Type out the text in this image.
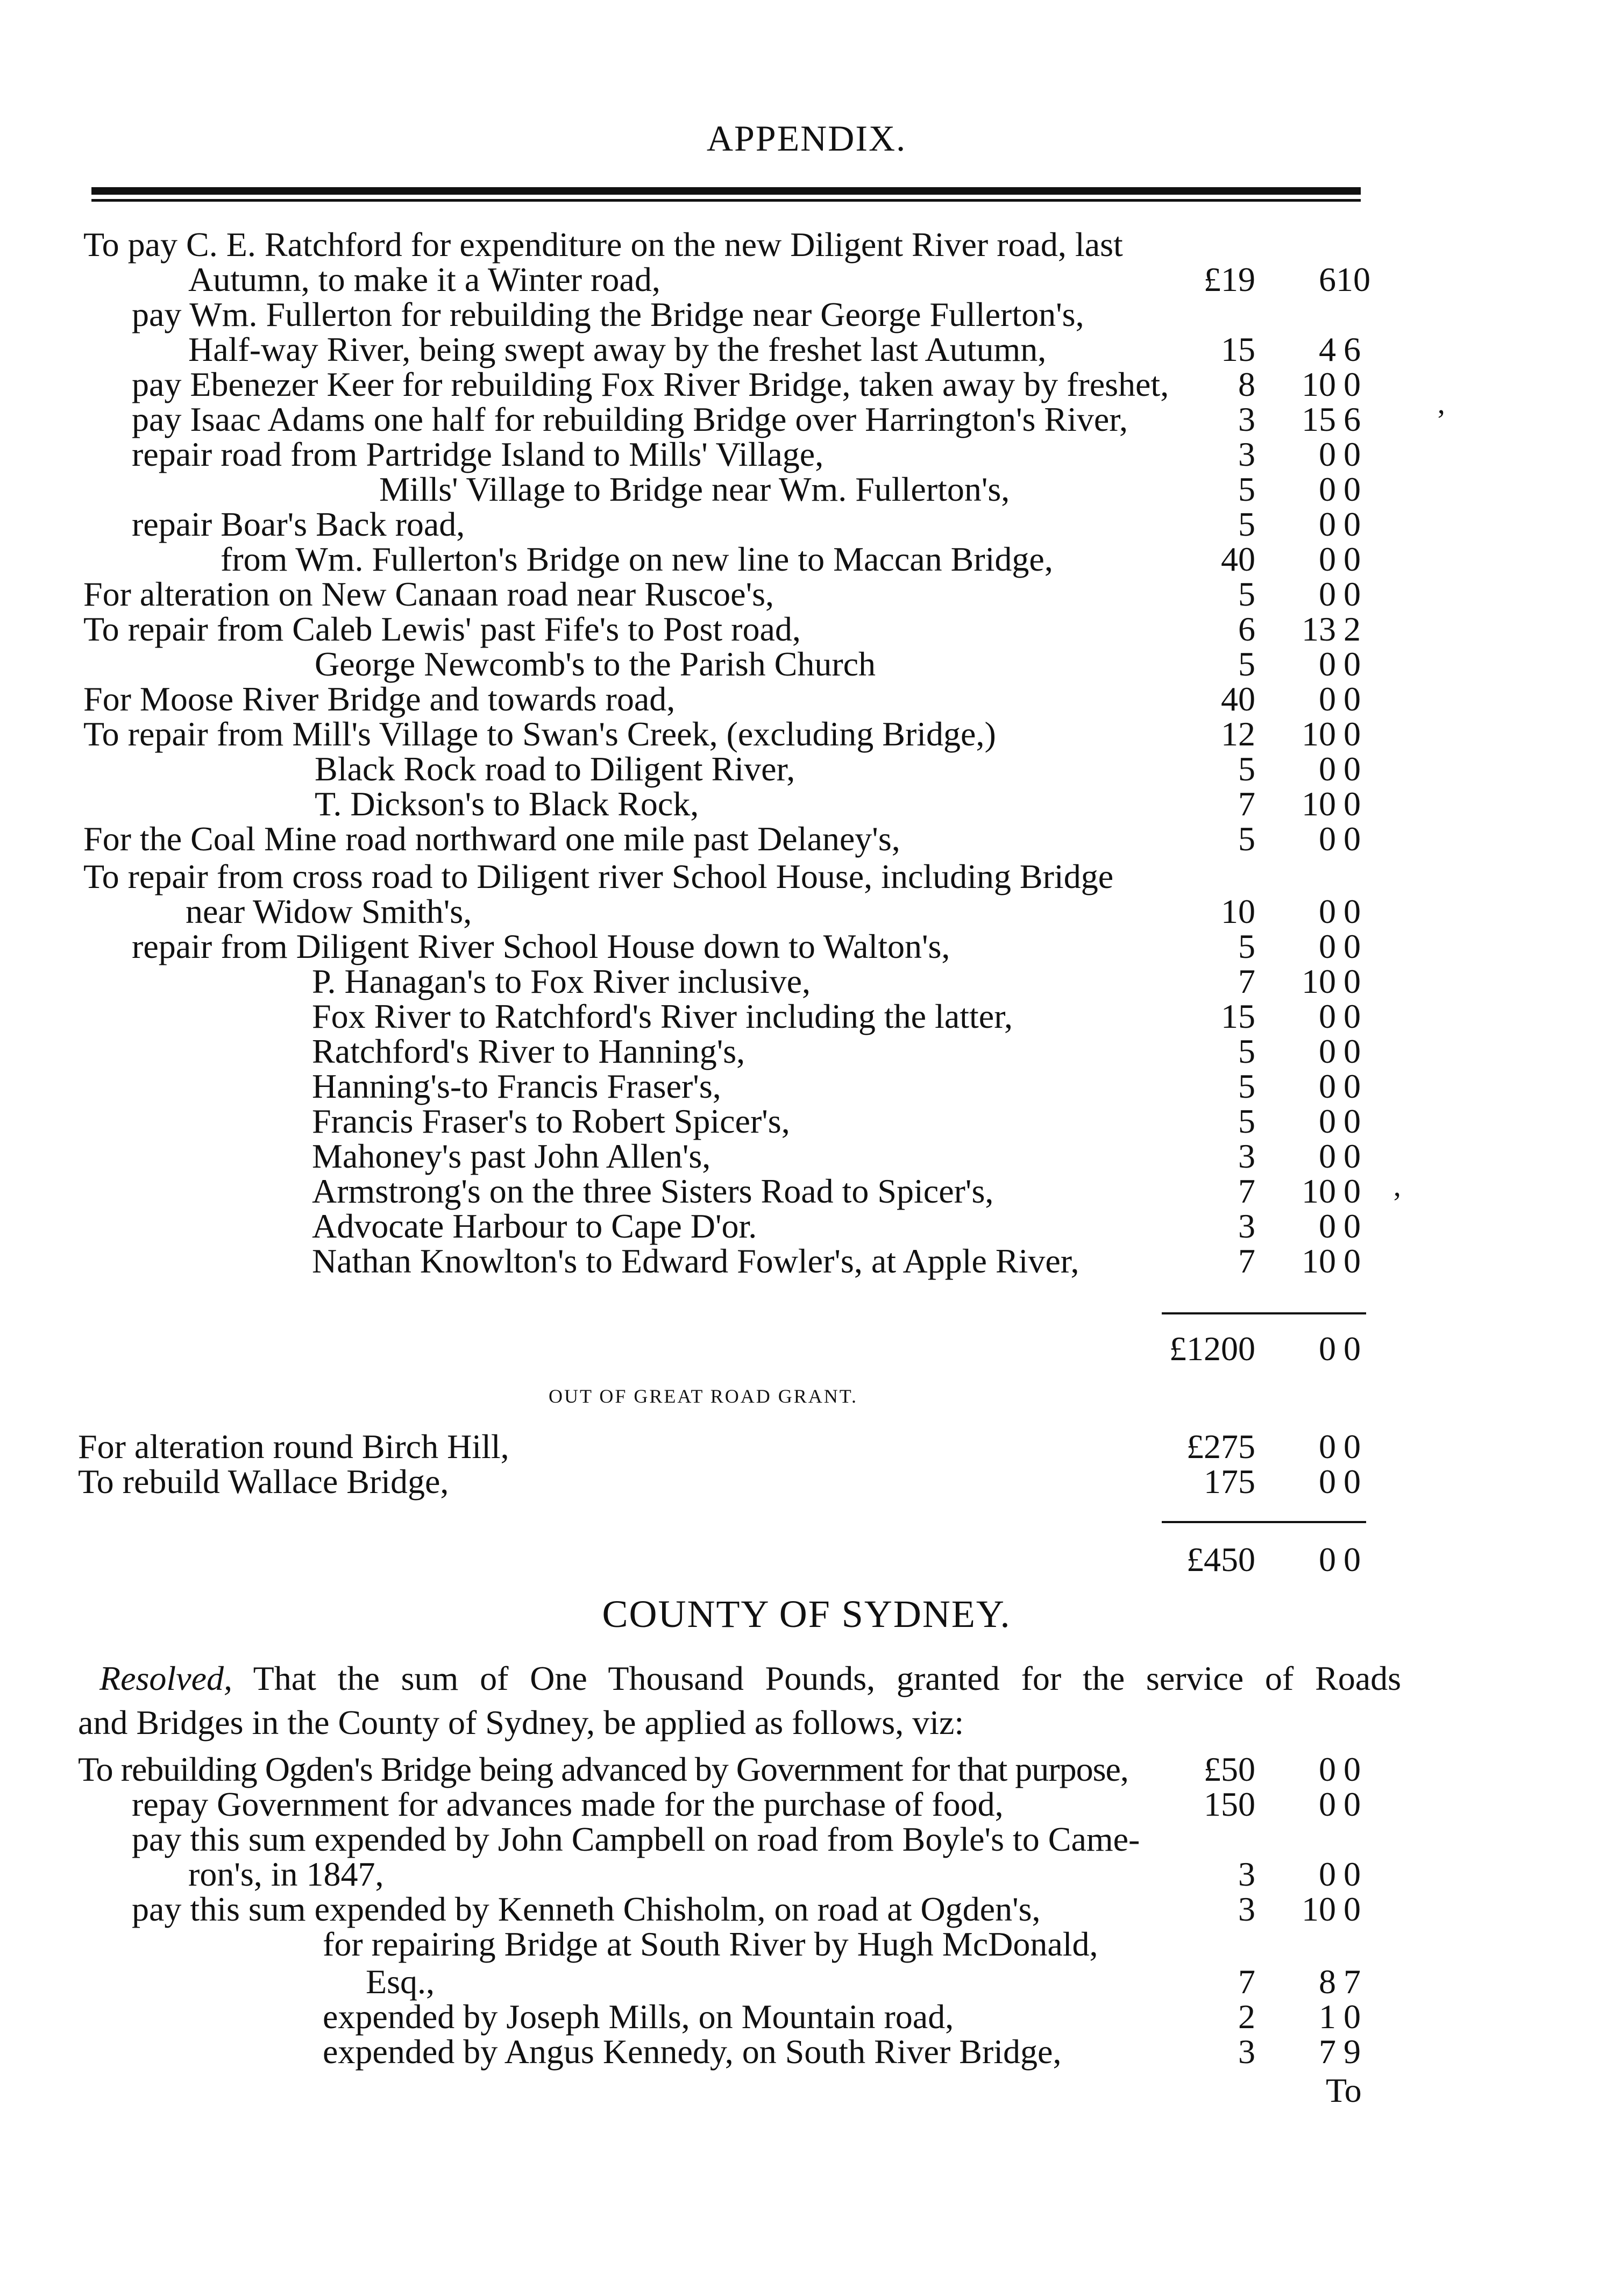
APPENDIX.
To pay C. E. Ratchford for expenditure on the new Diligent River road, last
Autumn, to make it a Winter road,	£19	6 10
pay Wm. Fullerton for rebuilding the Bridge near George Fullerton's,
Half-way River, being swept away by the freshet last Autumn,	15	4 6
pay Ebenezer Keer for rebuilding Fox River Bridge, taken away by freshet, 8	10 0
pay Isaac Adams one half for rebuilding Bridge over Harrington's River,	3	15 6
repair road from Partridge Island to Mills' Village,	3	0 0
Mills' Village to Bridge near Wm. Fullerton's,	5	0 0
repair Boar's Back road,	5	0 0
from Wm. Fullerton's Bridge on new line to Maccan Bridge,	40	0 0
For alteration on New Canaan road near Ruscoe's,	5	0 0
To repair from Caleb Lewis' past Fife's to Post road,	6	13 2
George Newcomb's to the Parish Church	5	0 0
For Moose River Bridge and towards road,	40	0 0
To repair from Mill's Village to Swan's Creek, (excluding Bridge,)	12	10 0
Black Rock road to Diligent River,	5	0 0
T. Dickson's to Black Rock,	7	10 0
For the Coal Mine road northward one mile past Delaney's,	5	0 0
To repair from cross road to Diligent river School House, including Bridge
near Widow Smith's,	10	0 0
repair from Diligent River School House down to Walton's,	5	0 0
P. Hanagan's to Fox River inclusive,	7	10 0
Fox River to Ratchford's River including the latter,	15	0 0
Ratchford's River to Hanning's,	5	0 0
Hanning's-to Francis Fraser's,	5	0 0
Francis Fraser's to Robert Spicer's,	5	0 0
Mahoney's past John Allen's,	3	0 0
Armstrong's on the three Sisters Road to Spicer's,	7	10 0
Advocate Harbour to Cape D'or.	3	0 0
Nathan Knowlton's to Edward Fowler's, at Apple River,	7	10 0
’
’
£1200	0 0
OUT OF GREAT ROAD GRANT.
For alteration round Birch Hill,	£275	0 0
To rebuild Wallace Bridge,	175	0 0
£450	0 0
COUNTY OF SYDNEY.
Resolved, That the sum of One Thousand Pounds, granted for the service of Roads
and Bridges in the County of Sydney, be applied as follows, viz:
To rebuilding Ogden's Bridge being advanced by Government for that purpose, £50	0 0
repay Government for advances made for the purchase of food,	150	0 0
pay this sum expended by John Campbell on road from Boyle's to Came-
ron's, in 1847,	3	0 0
pay this sum expended by Kenneth Chisholm, on road at Ogden's,	3	10 0
for repairing Bridge at South River by Hugh McDonald,
Esq.,	7	8 7
expended by Joseph Mills, on Mountain road,	2	1 0
expended by Angus Kennedy, on South River Bridge,	3	7 9
To
